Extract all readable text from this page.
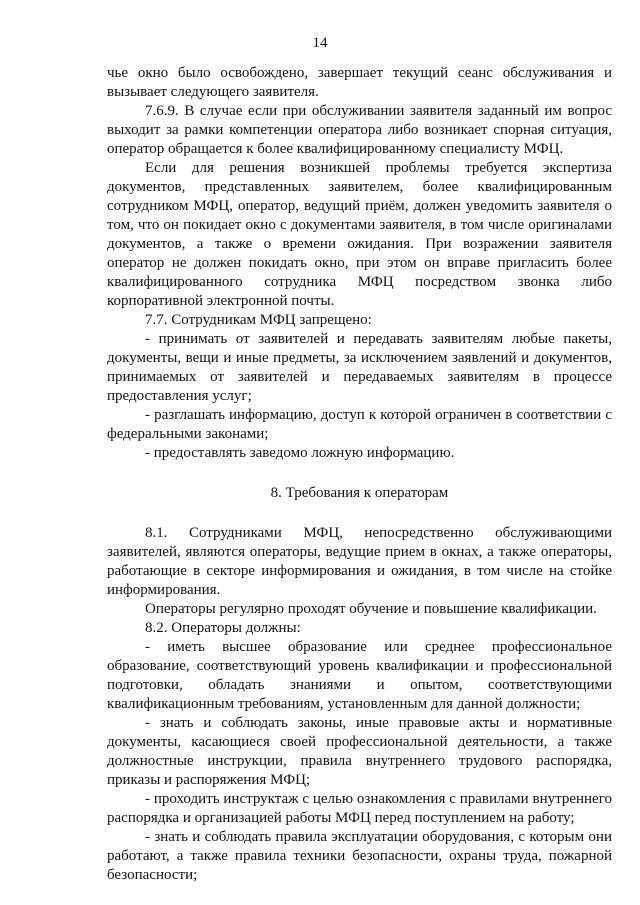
14

чье окно было освобождено, завершает текущий сеанс обслуживания и вызывает следующего заявителя.

7.6.9. В случае если при обслуживании заявителя заданный им вопрос выходит за рамки компетенции оператора либо возникает спорная ситуация, оператор обращается к более квалифицированному специалисту МФЦ.

Если для решения возникшей проблемы требуется экспертиза документов, представленных заявителем, более квалифицированным сотрудником МФЦ, оператор, ведущий приём, должен уведомить заявителя о том, что он покидает окно с документами заявителя, в том числе оригиналами документов, а также о времени ожидания. При возражении заявителя оператор не должен покидать окно, при этом он вправе пригласить более квалифицированного сотрудника МФЦ посредством звонка либо корпоративной электронной почты.

7.7. Сотрудникам МФЦ запрещено:

- принимать от заявителей и передавать заявителям любые пакеты, документы, вещи и иные предметы, за исключением заявлений и документов, принимаемых от заявителей и передаваемых заявителям в процессе предоставления услуг;

- разглашать информацию, доступ к которой ограничен в соответствии с федеральными законами;

- предоставлять заведомо ложную информацию.

8. Требования к операторам

8.1. Сотрудниками МФЦ, непосредственно обслуживающими заявителей, являются операторы, ведущие прием в окнах, а также операторы, работающие в секторе информирования и ожидания, в том числе на стойке информирования.

Операторы регулярно проходят обучение и повышение квалификации.

8.2. Операторы должны:

- иметь высшее образование или среднее профессиональное образование, соответствующий уровень квалификации и профессиональной подготовки, обладать знаниями и опытом, соответствующими квалификационным требованиям, установленным для данной должности;

- знать и соблюдать законы, иные правовые акты и нормативные документы, касающиеся своей профессиональной деятельности, а также должностные инструкции, правила внутреннего трудового распорядка, приказы и распоряжения МФЦ;

- проходить инструктаж с целью ознакомления с правилами внутреннего распорядка и организацией работы МФЦ перед поступлением на работу;

- знать и соблюдать правила эксплуатации оборудования, с которым они работают, а также правила техники безопасности, охраны труда, пожарной безопасности;
